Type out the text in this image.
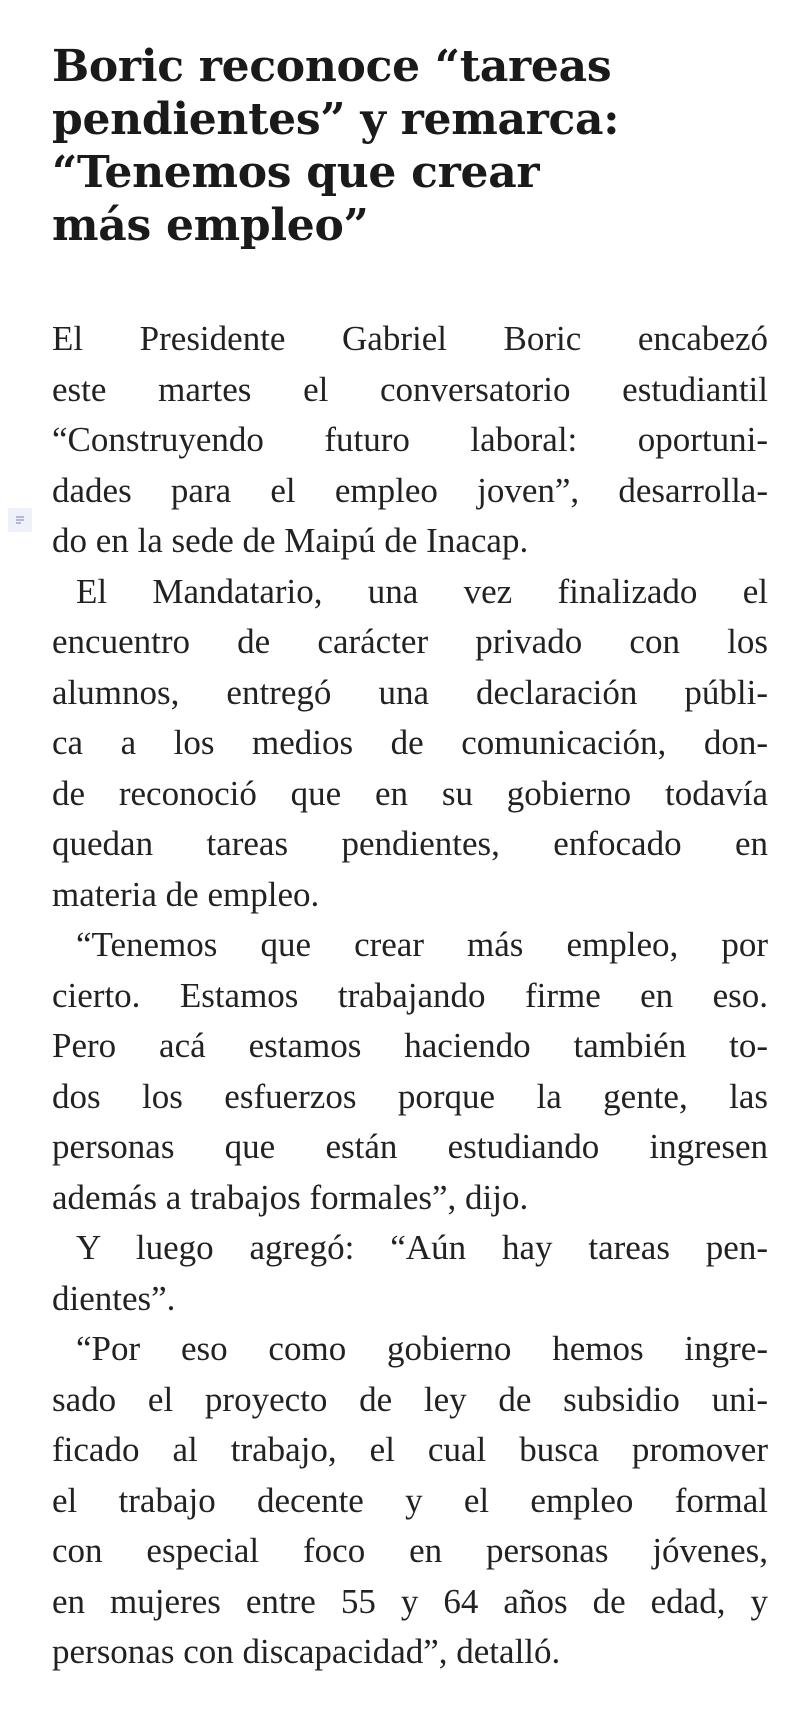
Boric reconoce “tareas
pendientes” y remarca:
“Tenemos que crear
más empleo”

El Presidente Gabriel Boric encabezó
este martes el conversatorio estudiantil
“Construyendo futuro laboral: oportuni-
dades para el empleo joven”, desarrolla-
do en la sede de Maipú de Inacap.

El Mandatario, una vez finalizado el
encuentro de carácter privado con los
alumnos, entregó una declaración públi-
ca a los medios de comunicación, don-
de reconoció que en su gobierno todavía
quedan tareas pendientes, enfocado en
materia de empleo.

“Tenemos que crear más empleo, por
cierto. Estamos trabajando firme en eso.
Pero acá estamos haciendo también to-
dos los esfuerzos porque la gente, las
personas que están estudiando ingresen
además a trabajos formales”, dijo.

Y luego agregó: “Aún hay tareas pen-
dientes”.

“Por eso como gobierno hemos ingre-
sado el proyecto de ley de subsidio uni-
ficado al trabajo, el cual busca promover
el trabajo decente y el empleo formal
con especial foco en personas jóvenes,
en mujeres entre 55 y 64 años de edad, y
personas con discapacidad”, detalló.
